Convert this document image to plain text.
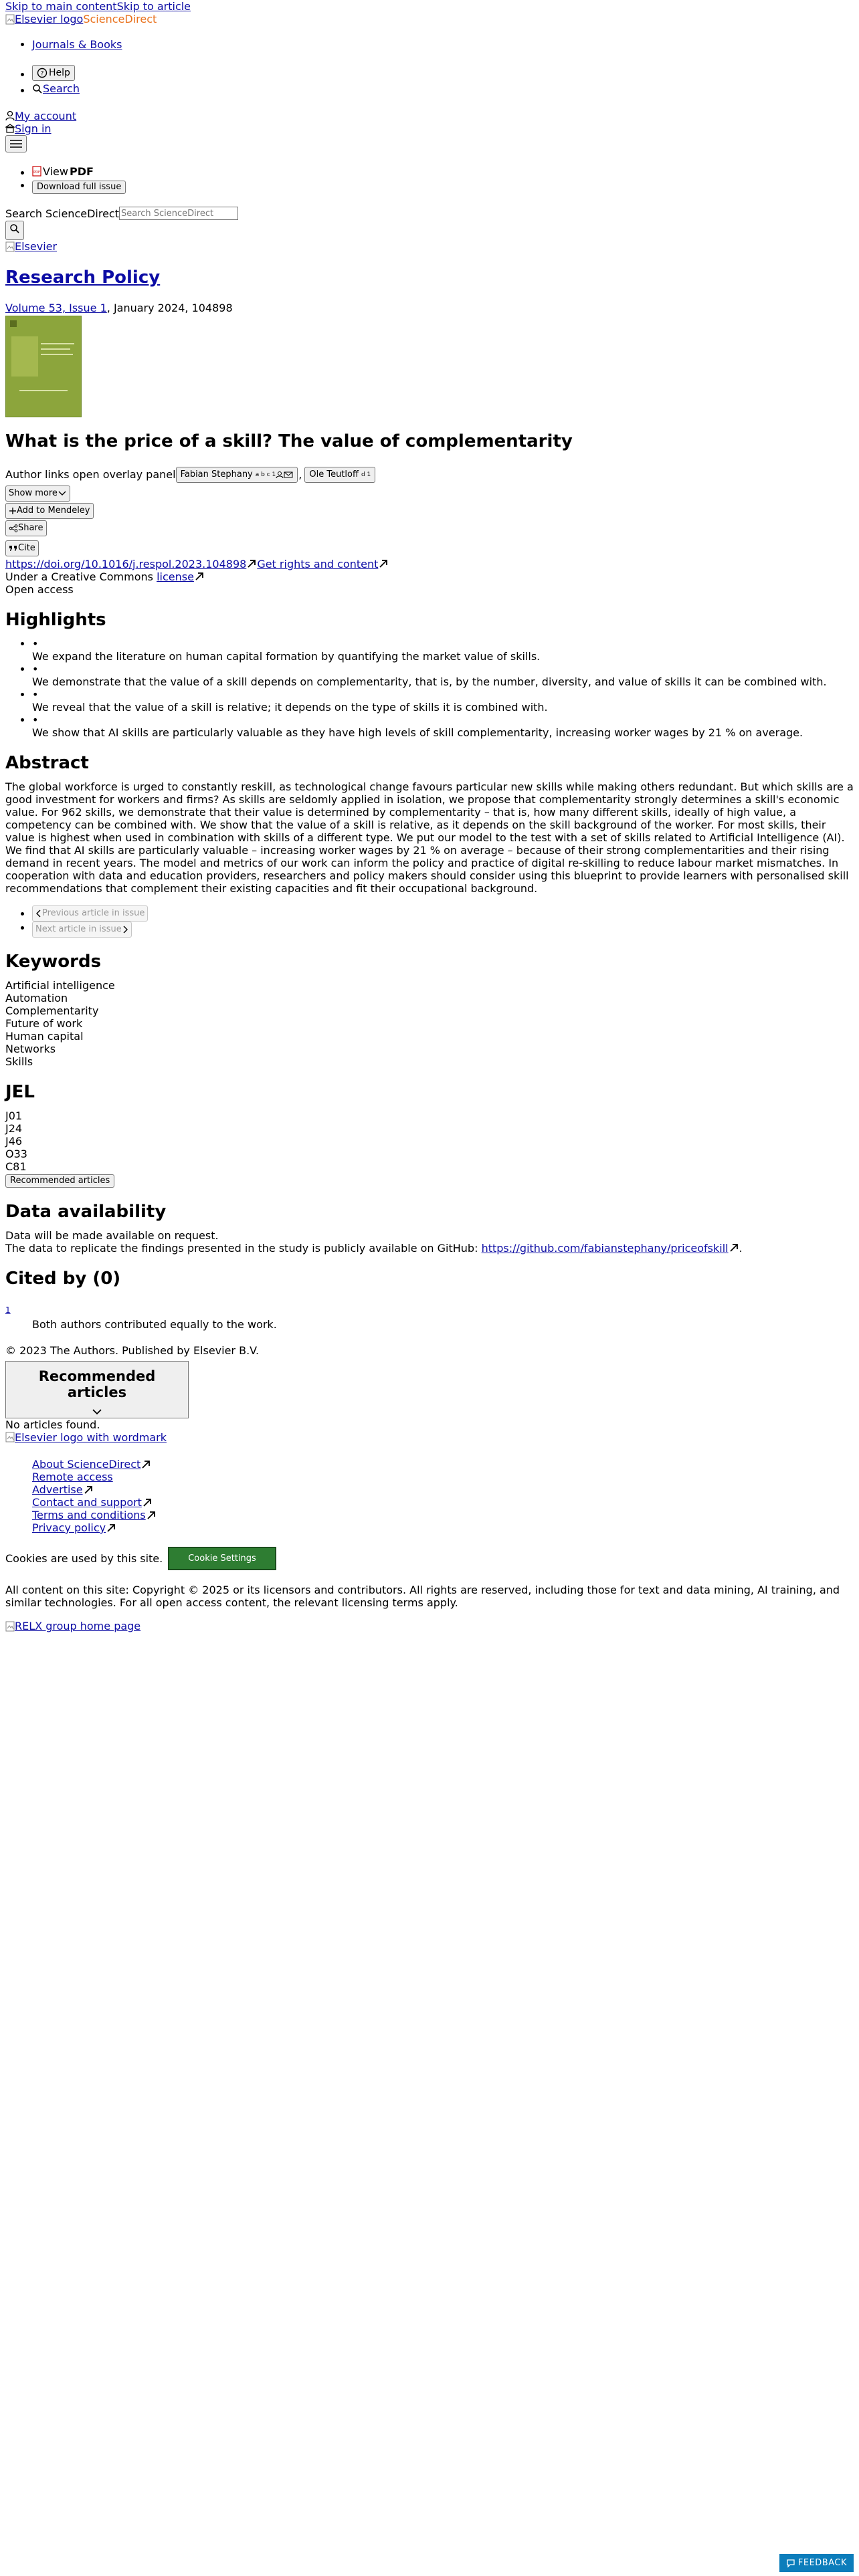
Skip to main contentSkip to article
Elsevier logo ScienceDirect
• Journals & Books
• ? Help
• Search
My account
Sign in
• PDF View PDF
• Download full issue
Search ScienceDirect
Search ScienceDirect
Elsevier
Research Policy
Volume 53, Issue 1, January 2024, 104898
What is the price of a skill? The value of complementarity
Author links open overlay panel Fabian Stephany a b c 1 , Ole Teutloff d 1
Show more

Add to Mendeley

Share

Cite
https://doi.org/10.1016/j.respol.2023.104898 Get rights and content
Under a Creative Commons license
Open access
Highlights
• •
We expand the literature on human capital formation by quantifying the market value of skills.
• •
We demonstrate that the value of a skill depends on complementarity, that is, by the number, diversity, and value of skills it can be combined with.
• •
We reveal that the value of a skill is relative; it depends on the type of skills it is combined with.
• •
We show that AI skills are particularly valuable as they have high levels of skill complementarity, increasing worker wages by 21 % on average.
Abstract

The global workforce is urged to constantly reskill, as technological change favours particular new skills while making others redundant. But which skills are a good investment for workers and firms? As skills are seldomly applied in isolation, we propose that complementarity strongly determines a skill's economic value. For 962 skills, we demonstrate that their value is determined by complementarity – that is, how many different skills, ideally of high value, a competency can be combined with. We show that the value of a skill is relative, as it depends on the skill background of the worker. For most skills, their value is highest when used in combination with skills of a different type. We put our model to the test with a set of skills related to Artificial Intelligence (AI). We find that AI skills are particularly valuable – increasing worker wages by 21 % on average – because of their strong complementarities and their rising demand in recent years. The model and metrics of our work can inform the policy and practice of digital re-skilling to reduce labour market mismatches. In cooperation with data and education providers, researchers and policy makers should consider using this blueprint to provide learners with personalised skill recommendations that complement their existing capacities and fit their occupational background.

• Previous article in issue
• Next article in issue
Keywords
Artificial intelligence
Automation
Complementarity
Future of work
Human capital
Networks
Skills
JEL
J01
J24
J46
O33
C81
Recommended articles
Data availability

Data will be made available on request.

The data to replicate the findings presented in the study is publicly available on GitHub: https://github.com/fabianstephany/priceofskill .

Cited by (0)
1
Both authors contributed equally to the work.
© 2023 The Authors. Published by Elsevier B.V.
Recommended articles
No articles found.
Elsevier logo with wordmark
About ScienceDirect
Remote access
Advertise
Contact and support
Terms and conditions
Privacy policy
Cookies are used by this site.	Cookie Settings

All content on this site: Copyright © 2025 or its licensors and contributors. All rights are reserved, including those for text and data mining, AI training, and similar technologies. For all open access content, the relevant licensing terms apply.

RELX group home page
FEEDBACK
